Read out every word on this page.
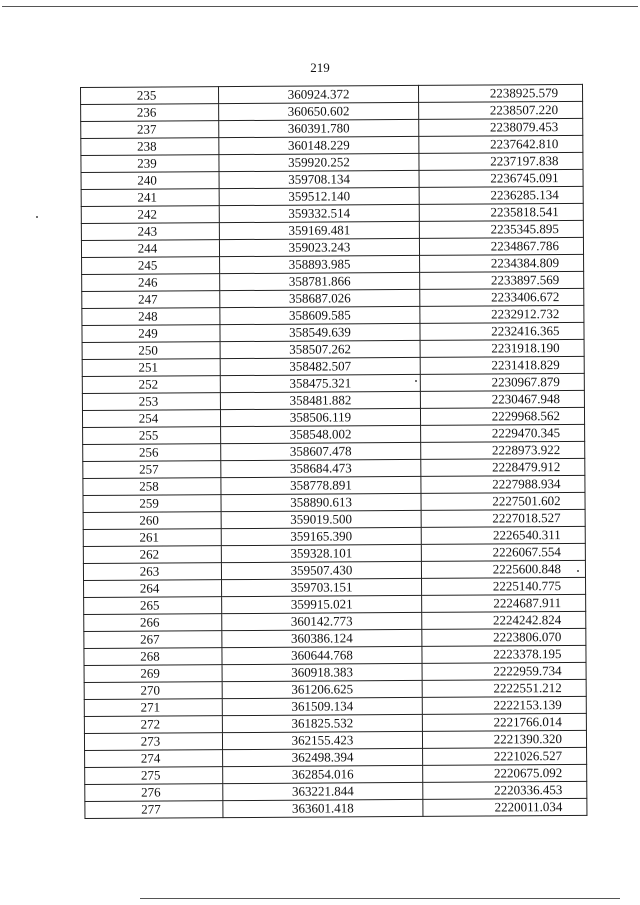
219
235	360924.372	2238925.579
236	360650.602	2238507.220
237	360391.780	2238079.453
238	360148.229	2237642.810
239	359920.252	2237197.838
240	359708.134	2236745.091
241	359512.140	2236285.134
242	359332.514	2235818.541
243	359169.481	2235345.895
244	359023.243	2234867.786
245	358893.985	2234384.809
246	358781.866	2233897.569
247	358687.026	2233406.672
248	358609.585	2232912.732
249	358549.639	2232416.365
250	358507.262	2231918.190
251	358482.507	2231418.829
252	358475.321	2230967.879
253	358481.882	2230467.948
254	358506.119	2229968.562
255	358548.002	2229470.345
256	358607.478	2228973.922
257	358684.473	2228479.912
258	358778.891	2227988.934
259	358890.613	2227501.602
260	359019.500	2227018.527
261	359165.390	2226540.311
262	359328.101	2226067.554
263	359507.430	2225600.848
264	359703.151	2225140.775
265	359915.021	2224687.911
266	360142.773	2224242.824
267	360386.124	2223806.070
268	360644.768	2223378.195
269	360918.383	2222959.734
270	361206.625	2222551.212
271	361509.134	2222153.139
272	361825.532	2221766.014
273	362155.423	2221390.320
274	362498.394	2221026.527
275	362854.016	2220675.092
276	363221.844	2220336.453
277	363601.418	2220011.034
